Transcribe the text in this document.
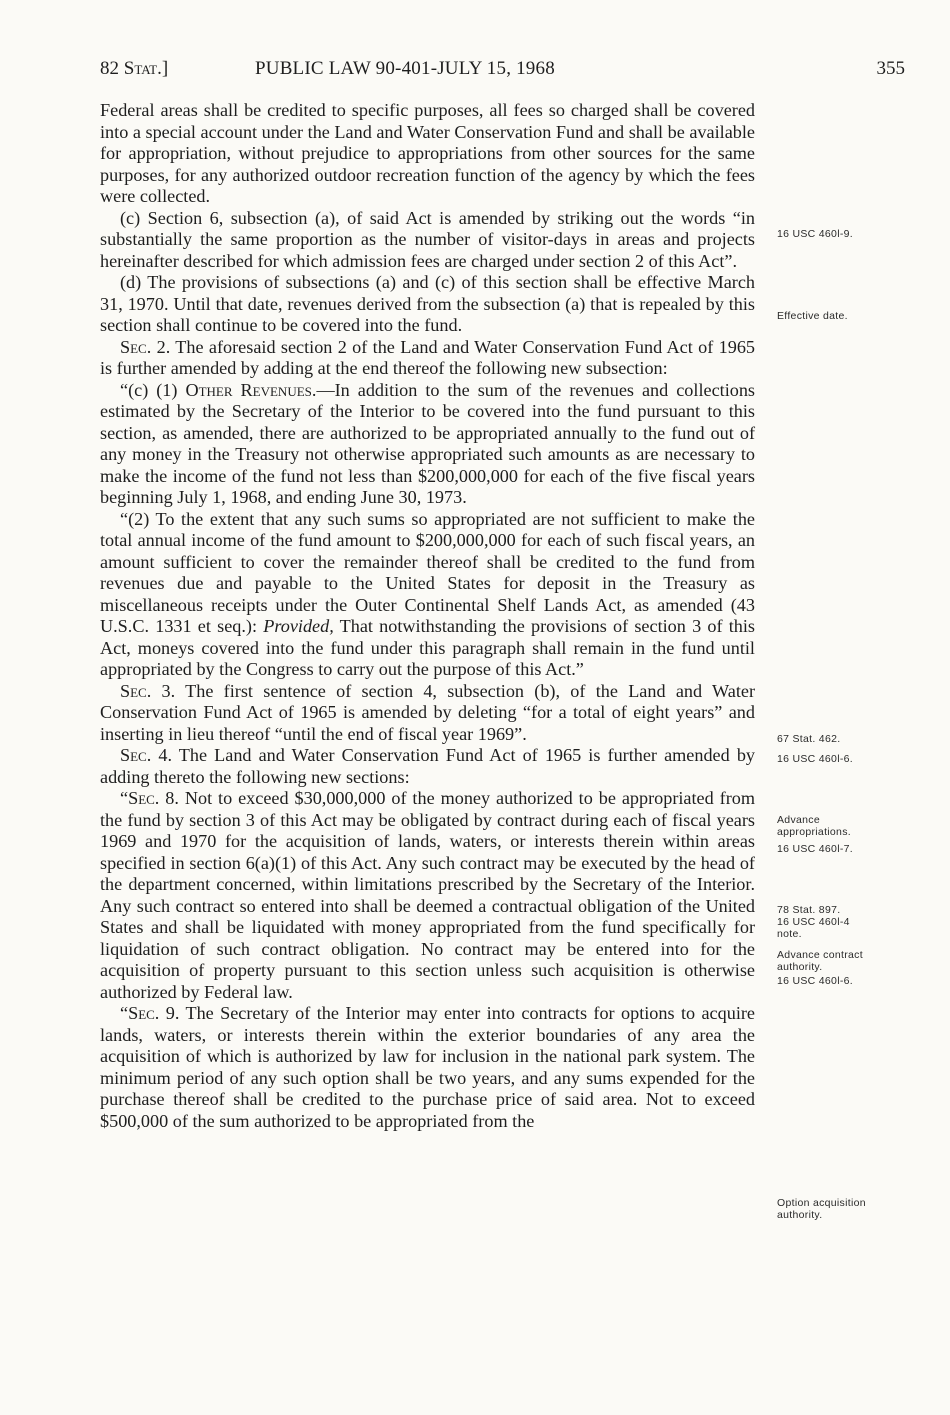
82 Stat.]	PUBLIC LAW 90-401-JULY 15, 1968	355

Federal areas shall be credited to specific purposes, all fees so charged shall be covered into a special account under the Land and Water Conservation Fund and shall be available for appropriation, without prejudice to appropriations from other sources for the same purposes, for any authorized outdoor recreation function of the agency by which the fees were collected.

(c) Section 6, subsection (a), of said Act is amended by striking out the words “in substantially the same proportion as the number of visitor-days in areas and projects hereinafter described for which admission fees are charged under section 2 of this Act”.

(d) The provisions of subsections (a) and (c) of this section shall be effective March 31, 1970. Until that date, revenues derived from the subsection (a) that is repealed by this section shall continue to be covered into the fund.

Sec. 2. The aforesaid section 2 of the Land and Water Conservation Fund Act of 1965 is further amended by adding at the end thereof the following new subsection:

“(c) (1) Other Revenues.—In addition to the sum of the revenues and collections estimated by the Secretary of the Interior to be covered into the fund pursuant to this section, as amended, there are authorized to be appropriated annually to the fund out of any money in the Treasury not otherwise appropriated such amounts as are necessary to make the income of the fund not less than $200,000,000 for each of the five fiscal years beginning July 1, 1968, and ending June 30, 1973.

“(2) To the extent that any such sums so appropriated are not sufficient to make the total annual income of the fund amount to $200,000,000 for each of such fiscal years, an amount sufficient to cover the remainder thereof shall be credited to the fund from revenues due and payable to the United States for deposit in the Treasury as miscellaneous receipts under the Outer Continental Shelf Lands Act, as amended (43 U.S.C. 1331 et seq.): Provided, That notwithstanding the provisions of section 3 of this Act, moneys covered into the fund under this paragraph shall remain in the fund until appropriated by the Congress to carry out the purpose of this Act.”

Sec. 3. The first sentence of section 4, subsection (b), of the Land and Water Conservation Fund Act of 1965 is amended by deleting “for a total of eight years” and inserting in lieu thereof “until the end of fiscal year 1969”.

Sec. 4. The Land and Water Conservation Fund Act of 1965 is further amended by adding thereto the following new sections:

“Sec. 8. Not to exceed $30,000,000 of the money authorized to be appropriated from the fund by section 3 of this Act may be obligated by contract during each of fiscal years 1969 and 1970 for the acquisition of lands, waters, or interests therein within areas specified in section 6(a)(1) of this Act. Any such contract may be executed by the head of the department concerned, within limitations prescribed by the Secretary of the Interior. Any such contract so entered into shall be deemed a contractual obligation of the United States and shall be liquidated with money appropriated from the fund specifically for liquidation of such contract obligation. No contract may be entered into for the acquisition of property pursuant to this section unless such acquisition is otherwise authorized by Federal law.

“Sec. 9. The Secretary of the Interior may enter into contracts for options to acquire lands, waters, or interests therein within the exterior boundaries of any area the acquisition of which is authorized by law for inclusion in the national park system. The minimum period of any such option shall be two years, and any sums expended for the purchase thereof shall be credited to the purchase price of said area. Not to exceed $500,000 of the sum authorized to be appropriated from the

16 USC 460l-9.
Effective date.
67 Stat. 462.
16 USC 460l-6.
Advance appropriations.
16 USC 460l-7.
78 Stat. 897.
16 USC 460l-4 note.
Advance contract authority.
16 USC 460l-6.
Option acquisition authority.
